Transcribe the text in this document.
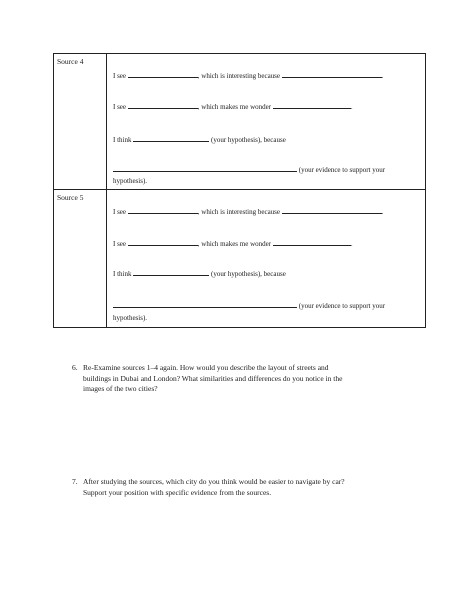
Source 4
I see	, which is interesting because	.
I see	, which makes me wonder	.
I think	(your hypothesis), because
(your evidence to support your
hypothesis).
Source 5
I see	, which is interesting because	.
I see	, which makes me wonder	.
I think	(your hypothesis), because
(your evidence to support your
hypothesis).
6. Re-Examine sources 1–4 again. How would you describe the layout of streets and
buildings in Dubai and London? What similarities and differences do you notice in the
images of the two cities?
7. After studying the sources, which city do you think would be easier to navigate by car?
Support your position with specific evidence from the sources.
